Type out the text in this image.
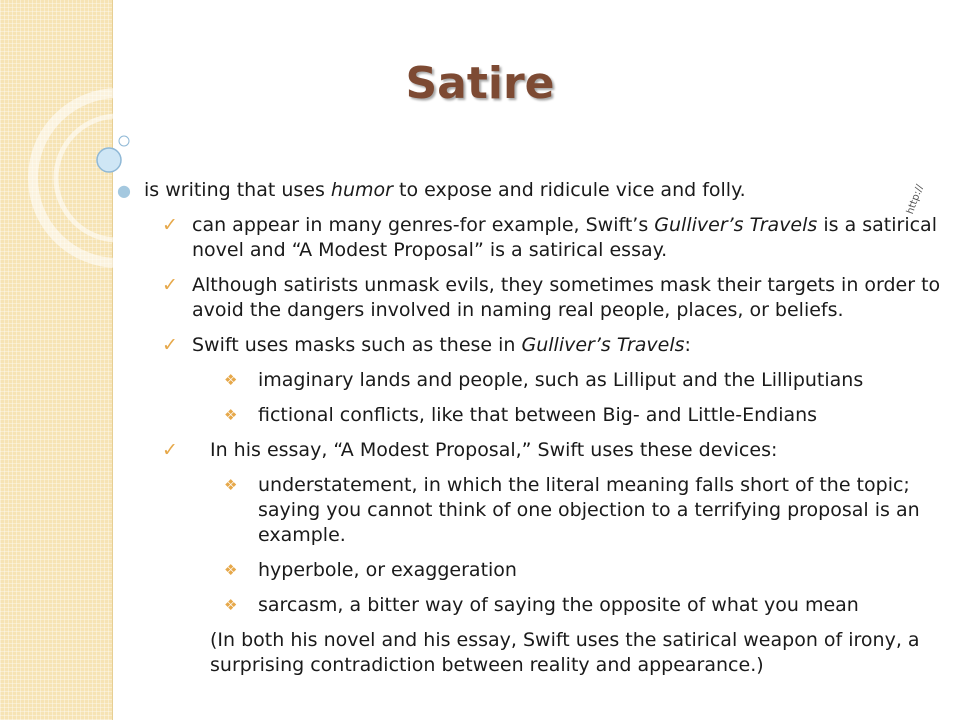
Satire
http://
● is writing that uses humor to expose and ridicule vice and folly.
✓ can appear in many genres-for example, Swift’s Gulliver’s Travels is a satirical novel and “A Modest Proposal” is a satirical essay.
✓ Although satirists unmask evils, they sometimes mask their targets in order to avoid the dangers involved in naming real people, places, or beliefs.
✓ Swift uses masks such as these in Gulliver’s Travels:
❖ imaginary lands and people, such as Lilliput and the Lilliputians
❖ fictional conflicts, like that between Big- and Little-Endians
✓ In his essay, “A Modest Proposal,” Swift uses these devices:
❖ understatement, in which the literal meaning falls short of the topic; saying you cannot think of one objection to a terrifying proposal is an example.
❖ hyperbole, or exaggeration
❖ sarcasm, a bitter way of saying the opposite of what you mean
(In both his novel and his essay, Swift uses the satirical weapon of irony, a surprising contradiction between reality and appearance.)
